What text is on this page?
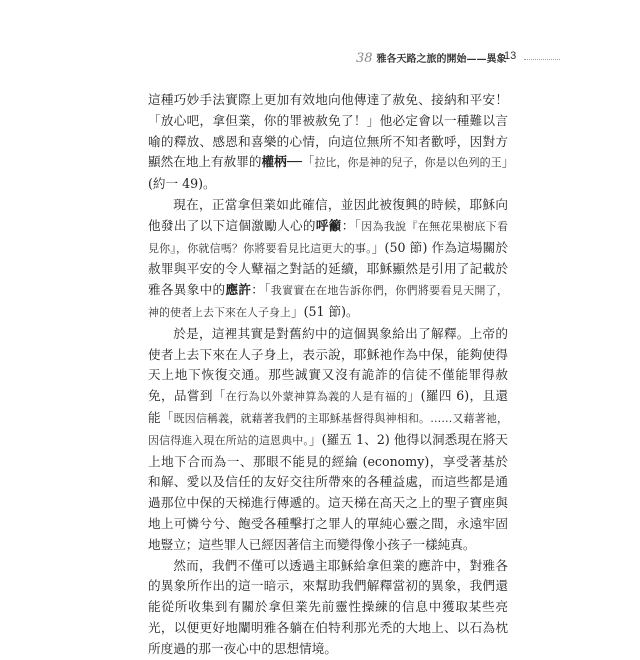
38 雅各天路之旅的開始——異象
13

這種巧妙手法實際上更加有效地向他傳達了赦免、接納和平安！「放心吧，拿但業，你的罪被赦免了！」他必定會以一種難以言喻的釋放、感恩和喜樂的心情，向這位無所不知者歡呼，因對方顯然在地上有赦罪的權柄──「拉比，你是神的兒子，你是以色列的王」(約一 49)。

現在，正當拿但業如此確信，並因此被復興的時候，耶穌向他發出了以下這個激勵人心的呼籲：「因為我說『在無花果樹底下看見你』，你就信嗎？你將要看見比這更大的事。」(50 節) 作為這場關於赦罪與平安的令人鼙福之對話的延續，耶穌顯然是引用了記載於雅各異象中的應許：「我實實在在地告訴你們，你們將要看見天開了，神的使者上去下來在人子身上」(51 節)。

於是，這裡其實是對舊約中的這個異象給出了解釋。上帝的使者上去下來在人子身上，表示說，耶穌祂作為中保，能夠使得天上地下恢復交通。那些誠實又沒有詭詐的信徒不僅能罪得赦免，品嘗到「在行為以外蒙神算為義的人是有福的」(羅四 6)，且還能「既因信稱義，就藉著我們的主耶穌基督得與神相和。……又藉著祂，因信得進入現在所站的這恩典中。」(羅五 1、2) 他得以洞悉現在將天上地下合而為一、那眼不能見的經綸 (economy)，享受著基於和解、愛以及信任的友好交往所帶來的各種益處，而這些都是通過那位中保的天梯進行傳遞的。這天梯在高天之上的聖子寶座與地上可憐兮兮、飽受各種擊打之罪人的單純心靈之間，永遠牢固地豎立；這些罪人已經因著信主而變得像小孩子一樣純真。

然而，我們不僅可以透過主耶穌給拿但業的應許中，對雅各的異象所作出的這一暗示，來幫助我們解釋當初的異象，我們還能從所收集到有關於拿但業先前靈性操練的信息中獲取某些亮光，以便更好地闡明雅各躺在伯特利那光禿的大地上、以石為枕所度過的那一夜心中的思想情境。
